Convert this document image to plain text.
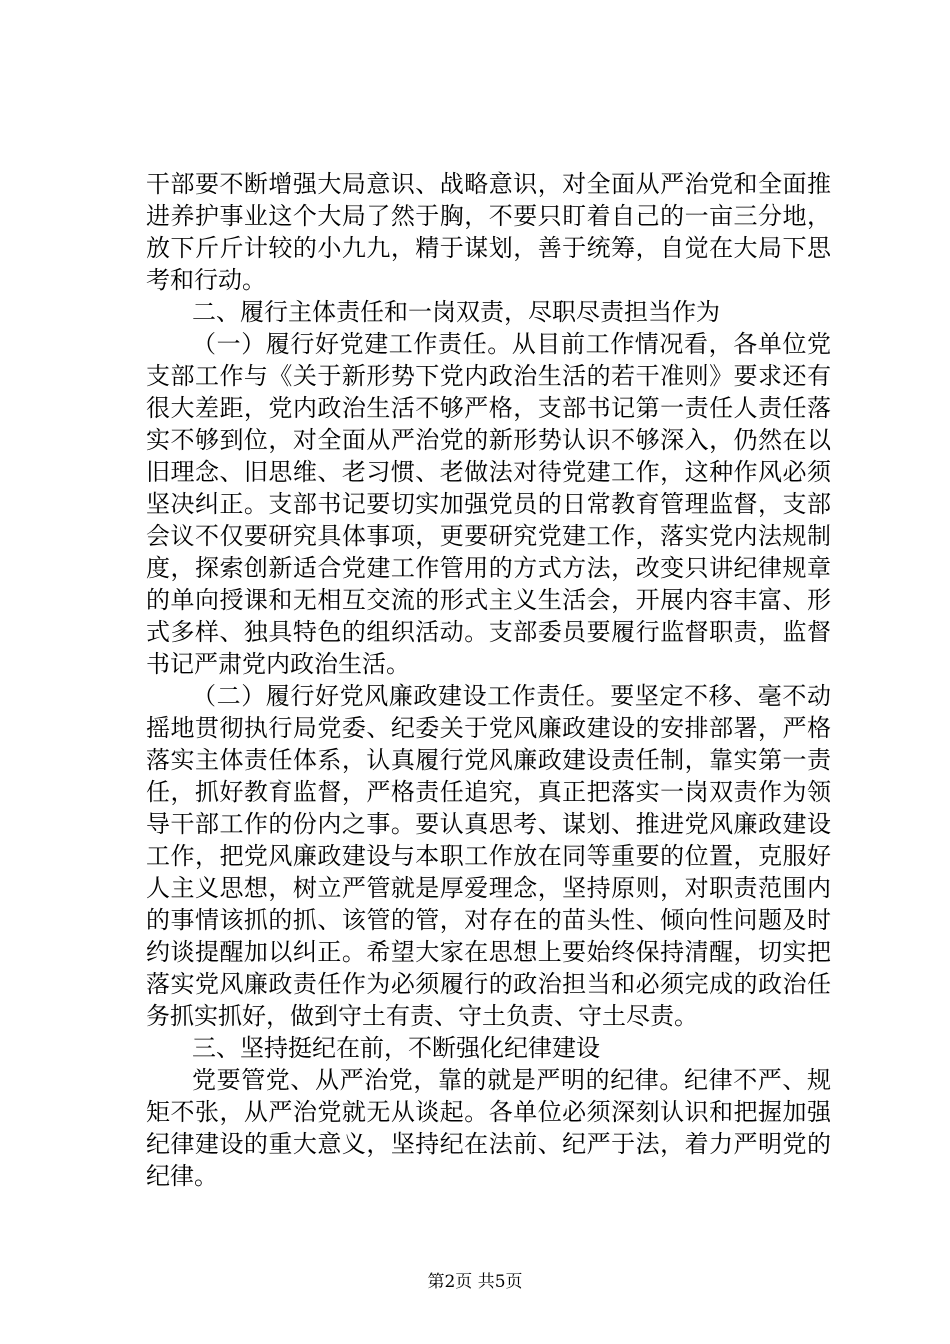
干部要不断增强大局意识、战略意识，对全面从严治党和全面推进养护事业这个大局了然于胸，不要只盯着自己的一亩三分地，放下斤斤计较的小九九，精于谋划，善于统筹，自觉在大局下思考和行动。

二、履行主体责任和一岗双责，尽职尽责担当作为

（一）履行好党建工作责任。从目前工作情况看，各单位党支部工作与《关于新形势下党内政治生活的若干准则》要求还有很大差距，党内政治生活不够严格，支部书记第一责任人责任落实不够到位，对全面从严治党的新形势认识不够深入，仍然在以旧理念、旧思维、老习惯、老做法对待党建工作，这种作风必须坚决纠正。支部书记要切实加强党员的日常教育管理监督，支部会议不仅要研究具体事项，更要研究党建工作，落实党内法规制度，探索创新适合党建工作管用的方式方法，改变只讲纪律规章的单向授课和无相互交流的形式主义生活会，开展内容丰富、形式多样、独具特色的组织活动。支部委员要履行监督职责，监督书记严肃党内政治生活。

（二）履行好党风廉政建设工作责任。要坚定不移、毫不动摇地贯彻执行局党委、纪委关于党风廉政建设的安排部署，严格落实主体责任体系，认真履行党风廉政建设责任制，靠实第一责任，抓好教育监督，严格责任追究，真正把落实一岗双责作为领导干部工作的份内之事。要认真思考、谋划、推进党风廉政建设工作，把党风廉政建设与本职工作放在同等重要的位置，克服好人主义思想，树立严管就是厚爱理念，坚持原则，对职责范围内的事情该抓的抓、该管的管，对存在的苗头性、倾向性问题及时约谈提醒加以纠正。希望大家在思想上要始终保持清醒，切实把落实党风廉政责任作为必须履行的政治担当和必须完成的政治任务抓实抓好，做到守土有责、守土负责、守土尽责。

三、坚持挺纪在前，不断强化纪律建设

党要管党、从严治党，靠的就是严明的纪律。纪律不严、规矩不张，从严治党就无从谈起。各单位必须深刻认识和把握加强纪律建设的重大意义，坚持纪在法前、纪严于法，着力严明党的纪律。

第2页 共5页
